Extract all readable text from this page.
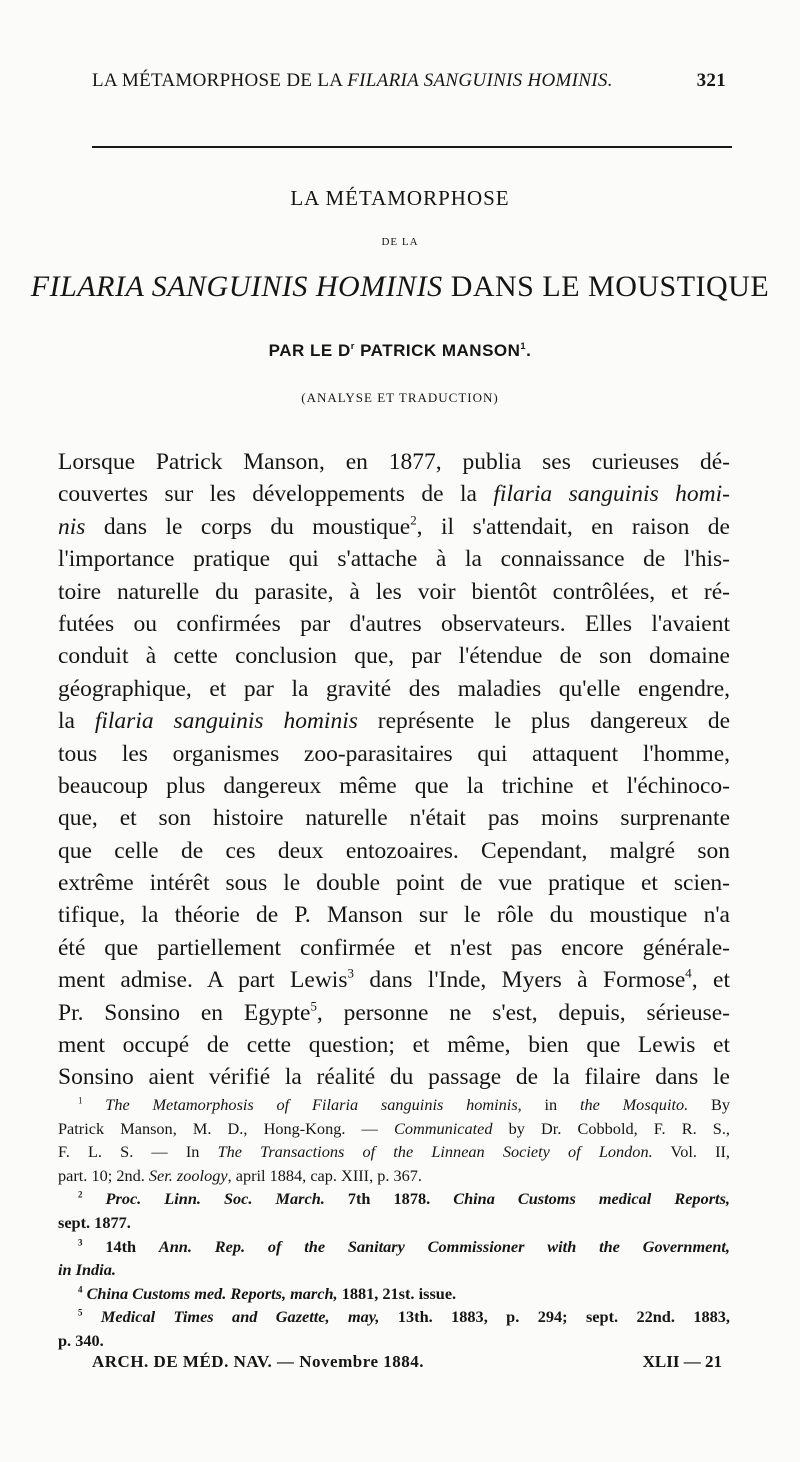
LA MÉTAMORPHOSE DE LA FILARIA SANGUINIS HOMINIS.	321
LA MÉTAMORPHOSE
DE LA
FILARIA SANGUINIS HOMINIS DANS LE MOUSTIQUE
PAR LE $D^r$ PATRICK MANSON$^1$.
(ANALYSE ET TRADUCTION)
Lorsque Patrick Manson, en 1877, publia ses curieuses dé-
couvertes sur les développements de la filaria sanguinis homi-
nis dans le corps du moustique$^2$, il s'attendait, en raison de
l'importance pratique qui s'attache à la connaissance de l'his-
toire naturelle du parasite, à les voir bientôt contrôlées, et ré-
futées ou confirmées par d'autres observateurs. Elles l'avaient
conduit à cette conclusion que, par l'étendue de son domaine
géographique, et par la gravité des maladies qu'elle engendre,
la filaria sanguinis hominis représente le plus dangereux de
tous les organismes zoo-parasitaires qui attaquent l'homme,
beaucoup plus dangereux même que la trichine et l'échinoco-
que, et son histoire naturelle n'était pas moins surprenante
que celle de ces deux entozoaires. Cependant, malgré son
extrême intérêt sous le double point de vue pratique et scien-
tifique, la théorie de P. Manson sur le rôle du moustique n'a
été que partiellement confirmée et n'est pas encore générale-
ment admise. A part Lewis$^3$ dans l'Inde, Myers à Formose$^4$, et
Pr. Sonsino en Egypte$^5$, personne ne s'est, depuis, sérieuse-
ment occupé de cette question; et même, bien que Lewis et
Sonsino aient vérifié la réalité du passage de la filaire dans le
$^1$ The Metamorphosis of Filaria sanguinis hominis, in the Mosquito. By
Patrick Manson, M. D., Hong-Kong. — Communicated by Dr. Cobbold, F. R. S.,
F. L. S. — In The Transactions of the Linnean Society of London. Vol. II,
part. 10; 2nd. Ser. zoology, april 1884, cap. XIII, p. 367.
$^2$ Proc. Linn. Soc. March. 7th 1878. China Customs medical Reports,
sept. 1877.
$^3$ 14th Ann. Rep. of the Sanitary Commissioner with the Government,
in India.
$^4$ China Customs med. Reports, march, 1881, 21st. issue.
$^5$ Medical Times and Gazette, may, 13th. 1883, p. 294; sept. 22nd. 1883,
p. 340.
ARCH. DE MÉD. NAV. — Novembre 1884.	XLII — 21
